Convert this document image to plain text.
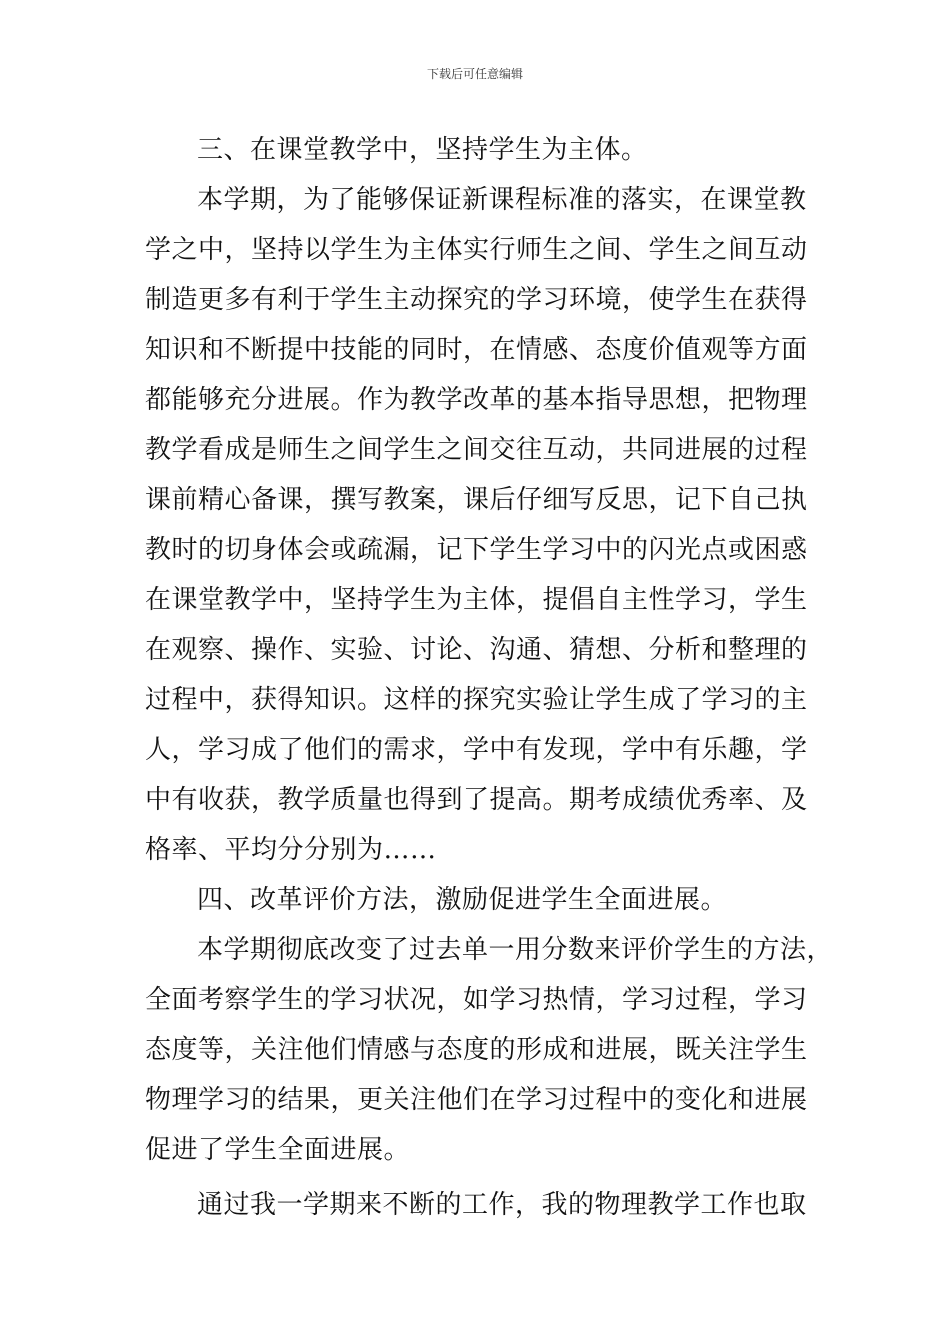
下载后可任意编辑
三、在课堂教学中，坚持学生为主体。
本学期，为了能够保证新课程标准的落实，在课堂教
学之中，坚持以学生为主体实行师生之间、学生之间互动
制造更多有利于学生主动探究的学习环境，使学生在获得
知识和不断提中技能的同时，在情感、态度价值观等方面
都能够充分进展。作为教学改革的基本指导思想，把物理
教学看成是师生之间学生之间交往互动，共同进展的过程
课前精心备课，撰写教案，课后仔细写反思，记下自己执
教时的切身体会或疏漏，记下学生学习中的闪光点或困惑
在课堂教学中，坚持学生为主体，提倡自主性学习，学生
在观察、操作、实验、讨论、沟通、猜想、分析和整理的
过程中，获得知识。这样的探究实验让学生成了学习的主
人，学习成了他们的需求，学中有发现，学中有乐趣，学
中有收获，教学质量也得到了提高。期考成绩优秀率、及
格率、平均分分别为……
四、改革评价方法，激励促进学生全面进展。
本学期彻底改变了过去单一用分数来评价学生的方法，
全面考察学生的学习状况，如学习热情，学习过程，学习
态度等，关注他们情感与态度的形成和进展，既关注学生
物理学习的结果，更关注他们在学习过程中的变化和进展
促进了学生全面进展。
通过我一学期来不断的工作，我的物理教学工作也取
